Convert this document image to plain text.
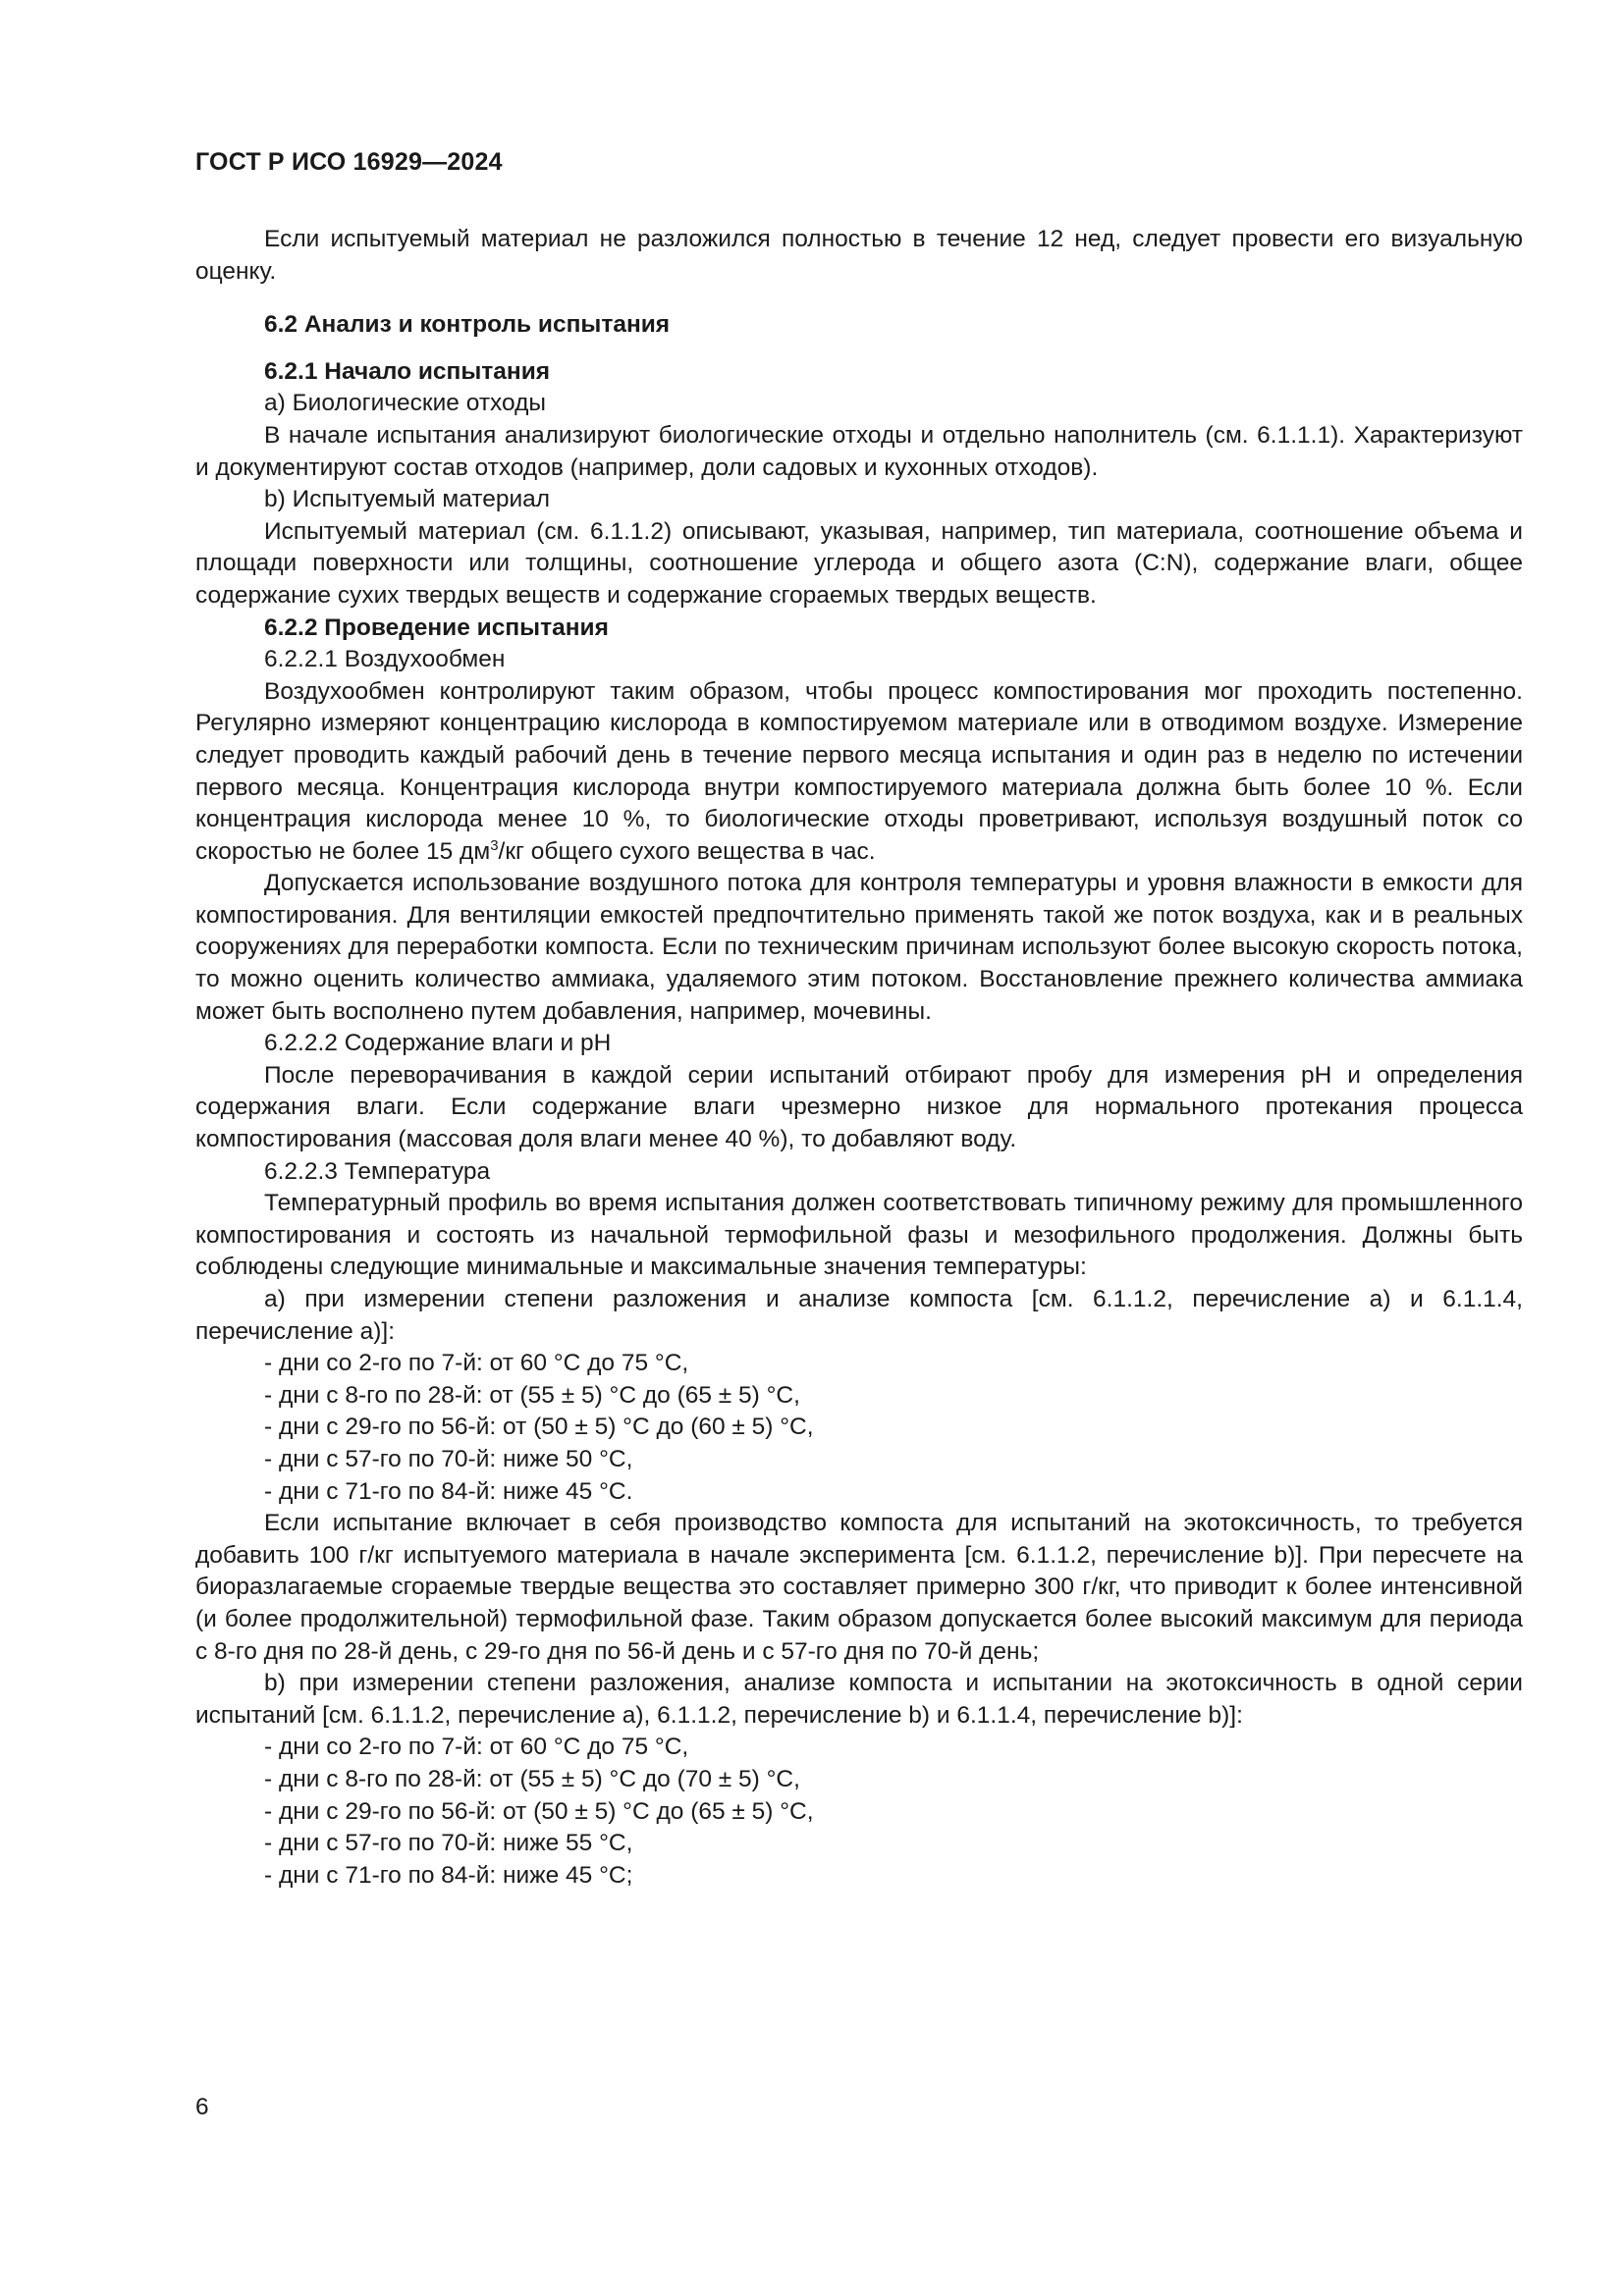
ГОСТ Р ИСО 16929—2024

Если испытуемый материал не разложился полностью в течение 12 нед, следует провести его визуальную оценку.

6.2 Анализ и контроль испытания

6.2.1 Начало испытания

a) Биологические отходы

В начале испытания анализируют биологические отходы и отдельно наполнитель (см. 6.1.1.1). Характеризуют и документируют состав отходов (например, доли садовых и кухонных отходов).

b) Испытуемый материал

Испытуемый материал (см. 6.1.1.2) описывают, указывая, например, тип материала, соотношение объема и площади поверхности или толщины, соотношение углерода и общего азота (C:N), содержание влаги, общее содержание сухих твердых веществ и содержание сгораемых твердых веществ.

6.2.2 Проведение испытания

6.2.2.1 Воздухообмен

Воздухообмен контролируют таким образом, чтобы процесс компостирования мог проходить постепенно. Регулярно измеряют концентрацию кислорода в компостируемом материале или в отводимом воздухе. Измерение следует проводить каждый рабочий день в течение первого месяца испытания и один раз в неделю по истечении первого месяца. Концентрация кислорода внутри компостируемого материала должна быть более 10 %. Если концентрация кислорода менее 10 %, то биологические отходы проветривают, используя воздушный поток со скоростью не более 15 $дм^3/кг$ общего сухого вещества в час.

Допускается использование воздушного потока для контроля температуры и уровня влажности в емкости для компостирования. Для вентиляции емкостей предпочтительно применять такой же поток воздуха, как и в реальных сооружениях для переработки компоста. Если по техническим причинам используют более высокую скорость потока, то можно оценить количество аммиака, удаляемого этим потоком. Восстановление прежнего количества аммиака может быть восполнено путем добавления, например, мочевины.

6.2.2.2 Содержание влаги и pH

После переворачивания в каждой серии испытаний отбирают пробу для измерения pH и определения содержания влаги. Если содержание влаги чрезмерно низкое для нормального протекания процесса компостирования (массовая доля влаги менее 40 %), то добавляют воду.

6.2.2.3 Температура

Температурный профиль во время испытания должен соответствовать типичному режиму для промышленного компостирования и состоять из начальной термофильной фазы и мезофильного продолжения. Должны быть соблюдены следующие минимальные и максимальные значения температуры:

a) при измерении степени разложения и анализе компоста [см. 6.1.1.2, перечисление a) и 6.1.1.4, перечисление a)]:

- дни со 2-го по 7-й: от 60 °C до 75 °C,

- дни с 8-го по 28-й: от (55 ± 5) °C до (65 ± 5) °C,

- дни с 29-го по 56-й: от (50 ± 5) °C до (60 ± 5) °C,

- дни с 57-го по 70-й: ниже 50 °C,

- дни с 71-го по 84-й: ниже 45 °C.

Если испытание включает в себя производство компоста для испытаний на экотоксичность, то требуется добавить 100 г/кг испытуемого материала в начале эксперимента [см. 6.1.1.2, перечисление b)]. При пересчете на биоразлагаемые сгораемые твердые вещества это составляет примерно 300 г/кг, что приводит к более интенсивной (и более продолжительной) термофильной фазе. Таким образом допускается более высокий максимум для периода с 8-го дня по 28-й день, с 29-го дня по 56-й день и с 57-го дня по 70-й день;

b) при измерении степени разложения, анализе компоста и испытании на экотоксичность в одной серии испытаний [см. 6.1.1.2, перечисление a), 6.1.1.2, перечисление b) и 6.1.1.4, перечисление b)]:

- дни со 2-го по 7-й: от 60 °C до 75 °C,

- дни с 8-го по 28-й: от (55 ± 5) °C до (70 ± 5) °C,

- дни с 29-го по 56-й: от (50 ± 5) °C до (65 ± 5) °C,

- дни с 57-го по 70-й: ниже 55 °C,

- дни с 71-го по 84-й: ниже 45 °C;

6
